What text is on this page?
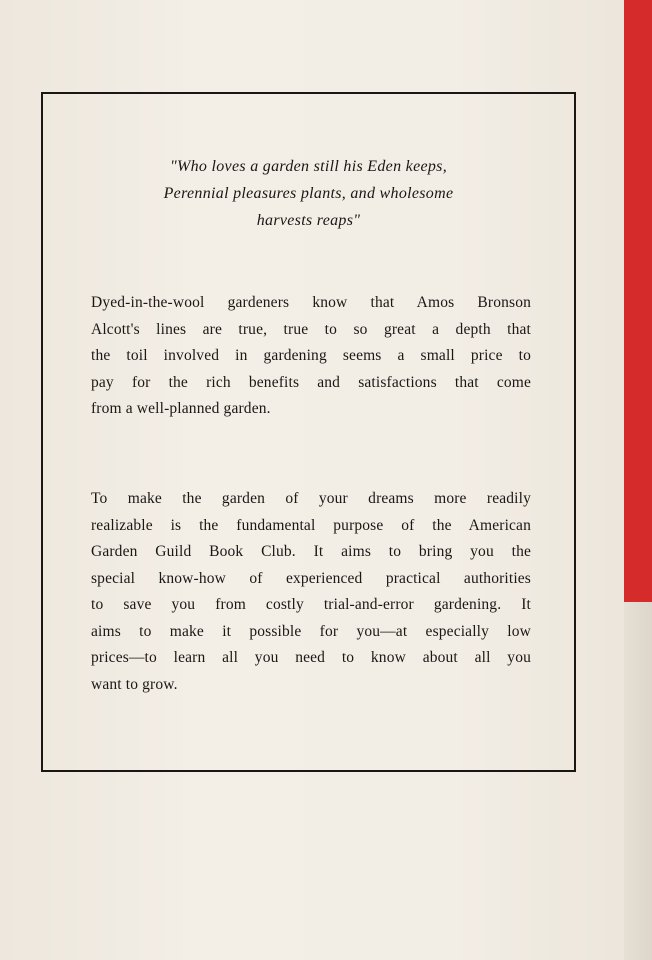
"Who loves a garden still his Eden keeps,
Perennial pleasures plants, and wholesome
harvests reaps"
Dyed-in-the-wool gardeners know that Amos Bronson
Alcott's lines are true, true to so great a depth that
the toil involved in gardening seems a small price to
pay for the rich benefits and satisfactions that come
from a well-planned garden.
To make the garden of your dreams more readily
realizable is the fundamental purpose of the American
Garden Guild Book Club. It aims to bring you the
special know-how of experienced practical authorities
to save you from costly trial-and-error gardening. It
aims to make it possible for you—at especially low
prices—to learn all you need to know about all you
want to grow.
